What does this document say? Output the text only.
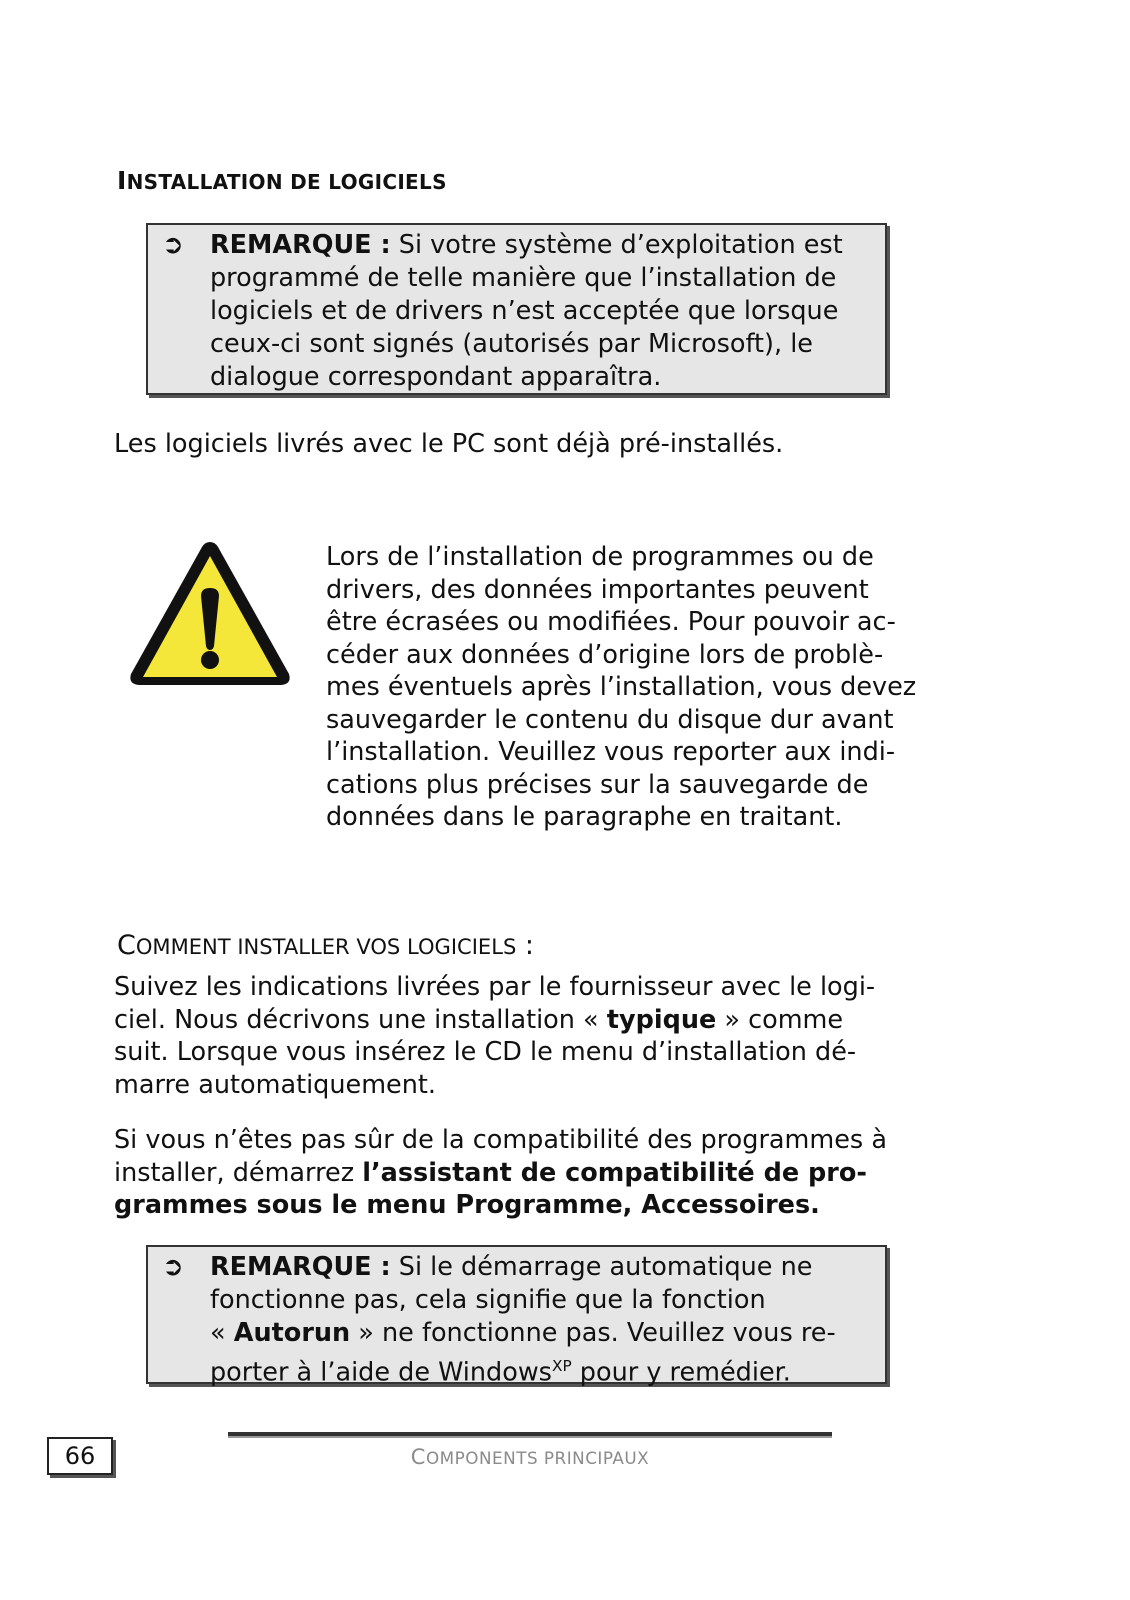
INSTALLATION DE LOGICIELS
➲ REMARQUE : Si votre système d’exploitation est
programmé de telle manière que l’installation de
logiciels et de drivers n’est acceptée que lorsque
ceux-ci sont signés (autorisés par Microsoft), le
dialogue correspondant apparaîtra.
Les logiciels livrés avec le PC sont déjà pré-installés.
Lors de l’installation de programmes ou de
drivers, des données importantes peuvent
être écrasées ou modifiées. Pour pouvoir ac-
céder aux données d’origine lors de problè-
mes éventuels après l’installation, vous devez
sauvegarder le contenu du disque dur avant
l’installation. Veuillez vous reporter aux indi-
cations plus précises sur la sauvegarde de
données dans le paragraphe en traitant.
COMMENT INSTALLER VOS LOGICIELS :
Suivez les indications livrées par le fournisseur avec le logi-
ciel. Nous décrivons une installation « typique » comme
suit. Lorsque vous insérez le CD le menu d’installation dé-
marre automatiquement.
Si vous n’êtes pas sûr de la compatibilité des programmes à
installer, démarrez l’assistant de compatibilité de pro-
grammes sous le menu Programme, Accessoires.
➲ REMARQUE : Si le démarrage automatique ne
fonctionne pas, cela signifie que la fonction
« Autorun » ne fonctionne pas. Veuillez vous re-
porter à l’aide de Windows$^{XP}$ pour y remédier.
66	COMPONENTS PRINCIPAUX
